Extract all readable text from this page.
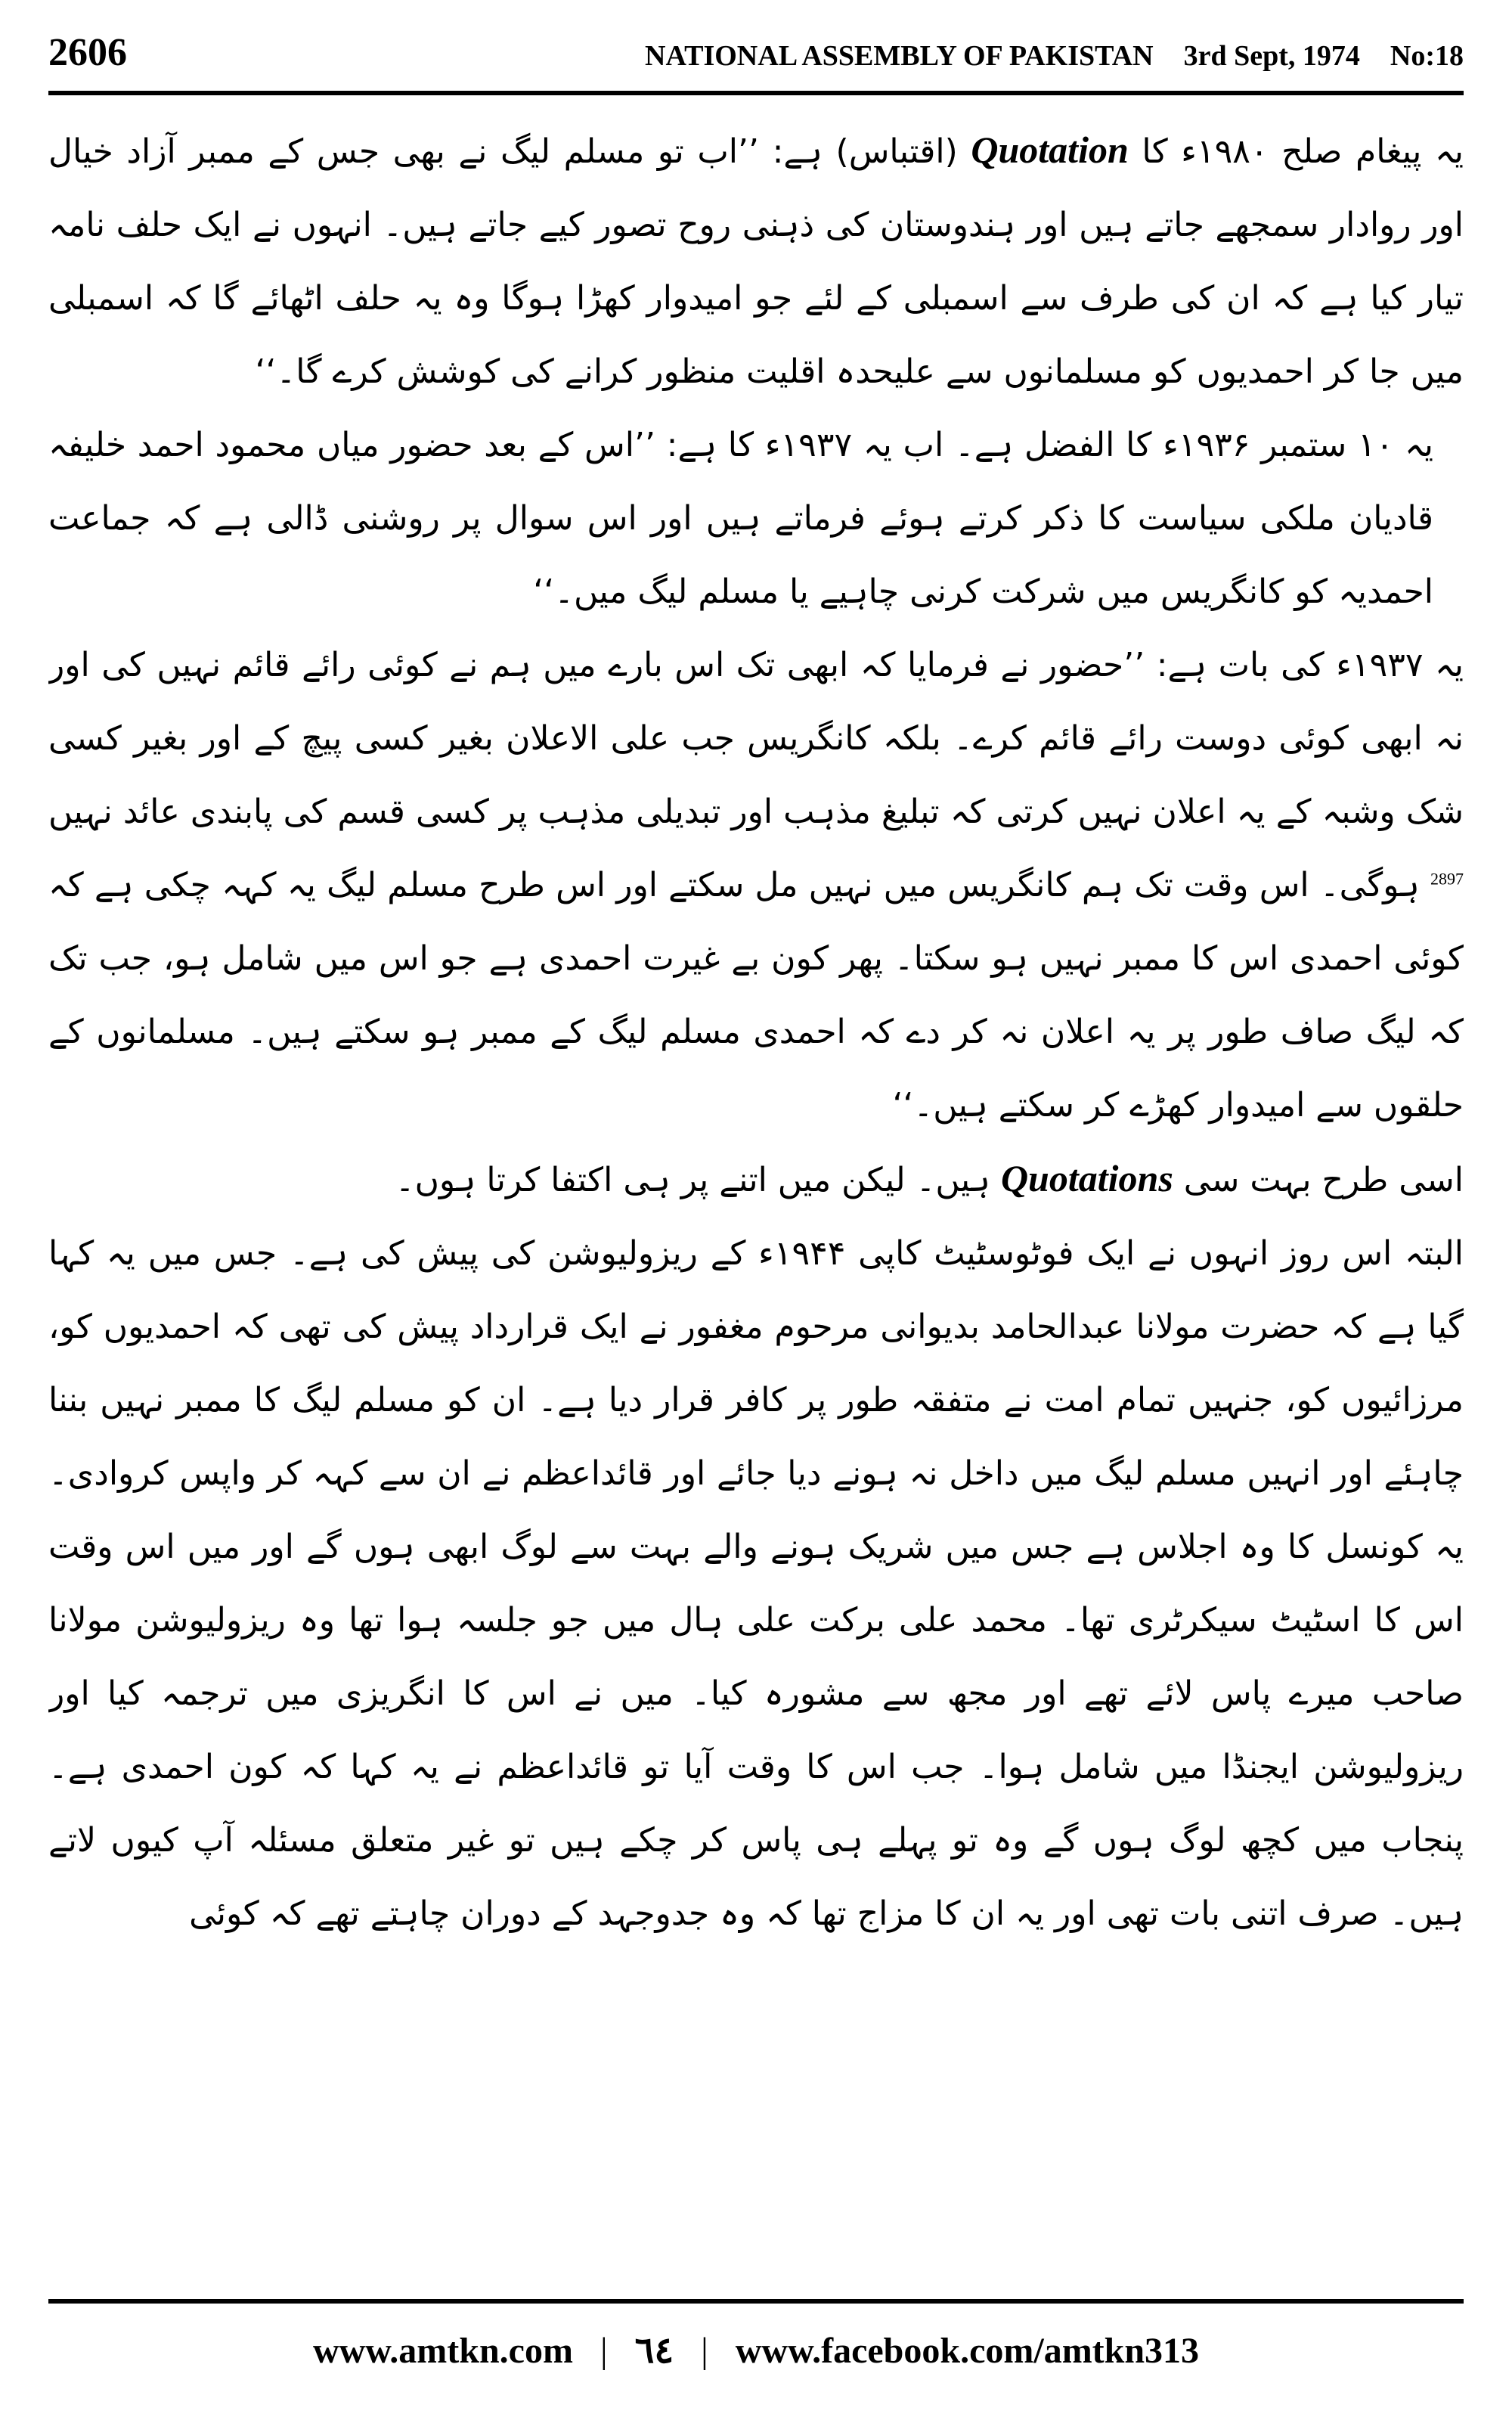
2606	NATIONAL ASSEMBLY OF PAKISTAN 3rd Sept, 1974 No:18

یہ پیغام صلح ۱۹۸۰ء کا Quotation (اقتباس) ہے: ’’اب تو مسلم لیگ نے بھی جس کے ممبر آزاد خیال اور روادار سمجھے جاتے ہیں اور ہندوستان کی ذہنی روح تصور کیے جاتے ہیں۔ انہوں نے ایک حلف نامہ تیار کیا ہے کہ ان کی طرف سے اسمبلی کے لئے جو امیدوار کھڑا ہوگا وہ یہ حلف اٹھائے گا کہ اسمبلی میں جا کر احمدیوں کو مسلمانوں سے علیحدہ اقلیت منظور کرانے کی کوشش کرے گا۔‘‘

یہ ۱۰ ستمبر ۱۹۳۶ء کا الفضل ہے۔ اب یہ ۱۹۳۷ء کا ہے: ’’اس کے بعد حضور میاں محمود احمد خلیفہ قادیان ملکی سیاست کا ذکر کرتے ہوئے فرماتے ہیں اور اس سوال پر روشنی ڈالی ہے کہ جماعت احمدیہ کو کانگریس میں شرکت کرنی چاہیے یا مسلم لیگ میں۔‘‘

یہ ۱۹۳۷ء کی بات ہے: ’’حضور نے فرمایا کہ ابھی تک اس بارے میں ہم نے کوئی رائے قائم نہیں کی اور نہ ابھی کوئی دوست رائے قائم کرے۔ بلکہ کانگریس جب علی الاعلان بغیر کسی پیچ کے اور بغیر کسی شک وشبہ کے یہ اعلان نہیں کرتی کہ تبلیغ مذہب اور تبدیلی مذہب پر کسی قسم کی پابندی عائد نہیں $^{2897}$ ہوگی۔ اس وقت تک ہم کانگریس میں نہیں مل سکتے اور اس طرح مسلم لیگ یہ کہہ چکی ہے کہ کوئی احمدی اس کا ممبر نہیں ہو سکتا۔ پھر کون بے غیرت احمدی ہے جو اس میں شامل ہو، جب تک کہ لیگ صاف طور پر یہ اعلان نہ کر دے کہ احمدی مسلم لیگ کے ممبر ہو سکتے ہیں۔ مسلمانوں کے حلقوں سے امیدوار کھڑے کر سکتے ہیں۔‘‘

اسی طرح بہت سی Quotations ہیں۔ لیکن میں اتنے پر ہی اکتفا کرتا ہوں۔

البتہ اس روز انہوں نے ایک فوٹوسٹیٹ کاپی ۱۹۴۴ء کے ریزولیوشن کی پیش کی ہے۔ جس میں یہ کہا گیا ہے کہ حضرت مولانا عبدالحامد بدیوانی مرحوم مغفور نے ایک قرارداد پیش کی تھی کہ احمدیوں کو، مرزائیوں کو، جنہیں تمام امت نے متفقہ طور پر کافر قرار دیا ہے۔ ان کو مسلم لیگ کا ممبر نہیں بننا چاہئے اور انہیں مسلم لیگ میں داخل نہ ہونے دیا جائے اور قائداعظم نے ان سے کہہ کر واپس کروادی۔ یہ کونسل کا وہ اجلاس ہے جس میں شریک ہونے والے بہت سے لوگ ابھی ہوں گے اور میں اس وقت اس کا اسٹیٹ سیکرٹری تھا۔ محمد علی برکت علی ہال میں جو جلسہ ہوا تھا وہ ریزولیوشن مولانا صاحب میرے پاس لائے تھے اور مجھ سے مشورہ کیا۔ میں نے اس کا انگریزی میں ترجمہ کیا اور ریزولیوشن ایجنڈا میں شامل ہوا۔ جب اس کا وقت آیا تو قائداعظم نے یہ کہا کہ کون احمدی ہے۔ پنجاب میں کچھ لوگ ہوں گے وہ تو پہلے ہی پاس کر چکے ہیں تو غیر متعلق مسئلہ آپ کیوں لاتے ہیں۔ صرف اتنی بات تھی اور یہ ان کا مزاج تھا کہ وہ جدوجہد کے دوران چاہتے تھے کہ کوئی

www.amtkn.com | ٦٤ | www.facebook.com/amtkn313
